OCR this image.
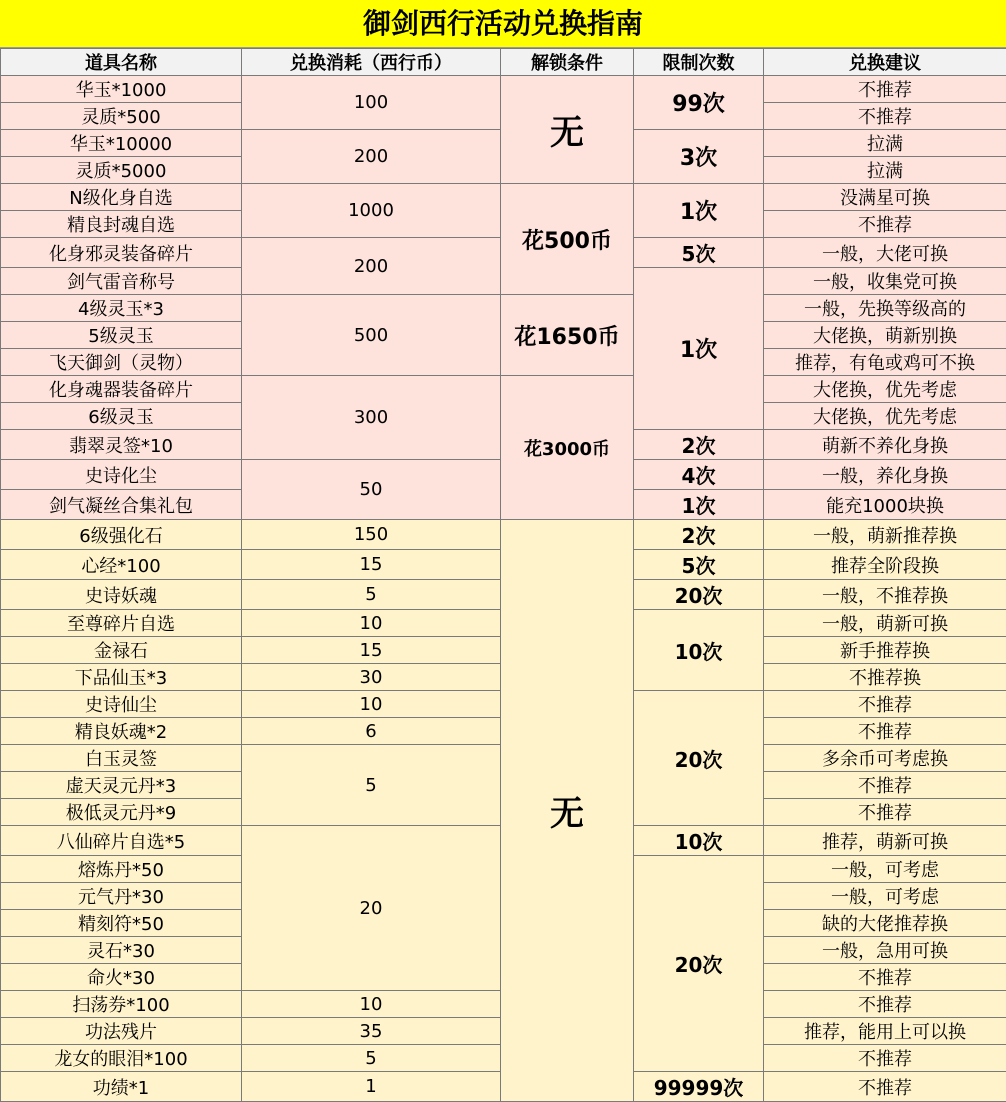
御剑西行活动兑换指南
道具名称	兑换消耗（西行币）	解锁条件	限制次数	兑换建议
华玉*1000	100	无	99次	不推荐
灵质*500				不推荐
华玉*10000	200		3次	拉满
灵质*5000				拉满
N级化身自选	1000	花500币	1次	没满星可换
精良封魂自选				不推荐
化身邪灵装备碎片	200		5次	一般，大佬可换
剑气雷音称号			1次	一般，收集党可换
4级灵玉*3	500	花1650币		一般，先换等级高的
5级灵玉				大佬换，萌新别换
飞天御剑（灵物）				推荐，有龟或鸡可不换
化身魂器装备碎片	300	花3000币		大佬换，优先考虑
6级灵玉				大佬换，优先考虑
翡翠灵签*10			2次	萌新不养化身换
史诗化尘	50		4次	一般，养化身换
剑气凝丝合集礼包			1次	能充1000块换
6级强化石	150	无	2次	一般，萌新推荐换
心经*100	15		5次	推荐全阶段换
史诗妖魂	5		20次	一般，不推荐换
至尊碎片自选	10		10次	一般，萌新可换
金禄石	15			新手推荐换
下品仙玉*3	30			不推荐换
史诗仙尘	10		20次	不推荐
精良妖魂*2	6			不推荐
白玉灵签	5			多余币可考虑换
虚天灵元丹*3				不推荐
极低灵元丹*9				不推荐
八仙碎片自选*5	20		10次	推荐，萌新可换
熔炼丹*50			20次	一般，可考虑
元气丹*30				一般，可考虑
精刻符*50				缺的大佬推荐换
灵石*30				一般，急用可换
命火*30				不推荐
扫荡券*100	10			不推荐
功法残片	35			推荐，能用上可以换
龙女的眼泪*100	5			不推荐
功绩*1	1		99999次	不推荐
